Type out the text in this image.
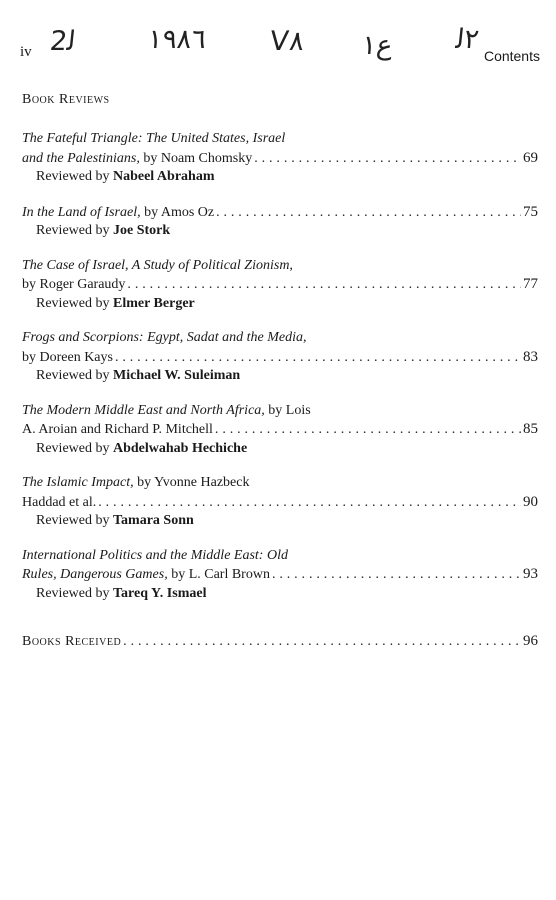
iv 2ﻟ	١٩٨٦ V٨ ﻉ١ ٢ﻟ
Contents
Book Reviews
The Fateful Triangle: The United States, Israel
and the Palestinians,
by Noam Chomsky . . .	69
Reviewed by
Nabeel Abraham
In the Land of Israel,
by Amos Oz . . .	75
Reviewed by
Joe Stork
The Case of Israel, A Study of Political Zionism,
by Roger Garaudy . . .	77
Reviewed by
Elmer Berger
Frogs and Scorpions: Egypt, Sadat and the Media,
by Doreen Kays . . .	83
Reviewed by
Michael W. Suleiman
The Modern Middle East and North Africa,
by Lois
A. Aroian and Richard P. Mitchell . . .	85
Reviewed by
Abdelwahab Hechiche
The Islamic Impact,
by Yvonne Hazbeck
Haddad et al. . . .	90
Reviewed by
Tamara Sonn
International Politics and the Middle East: Old
Rules, Dangerous Games,
by L. Carl Brown . . .	93
Reviewed by
Tareq Y. Ismael
Books Received . . .	96
